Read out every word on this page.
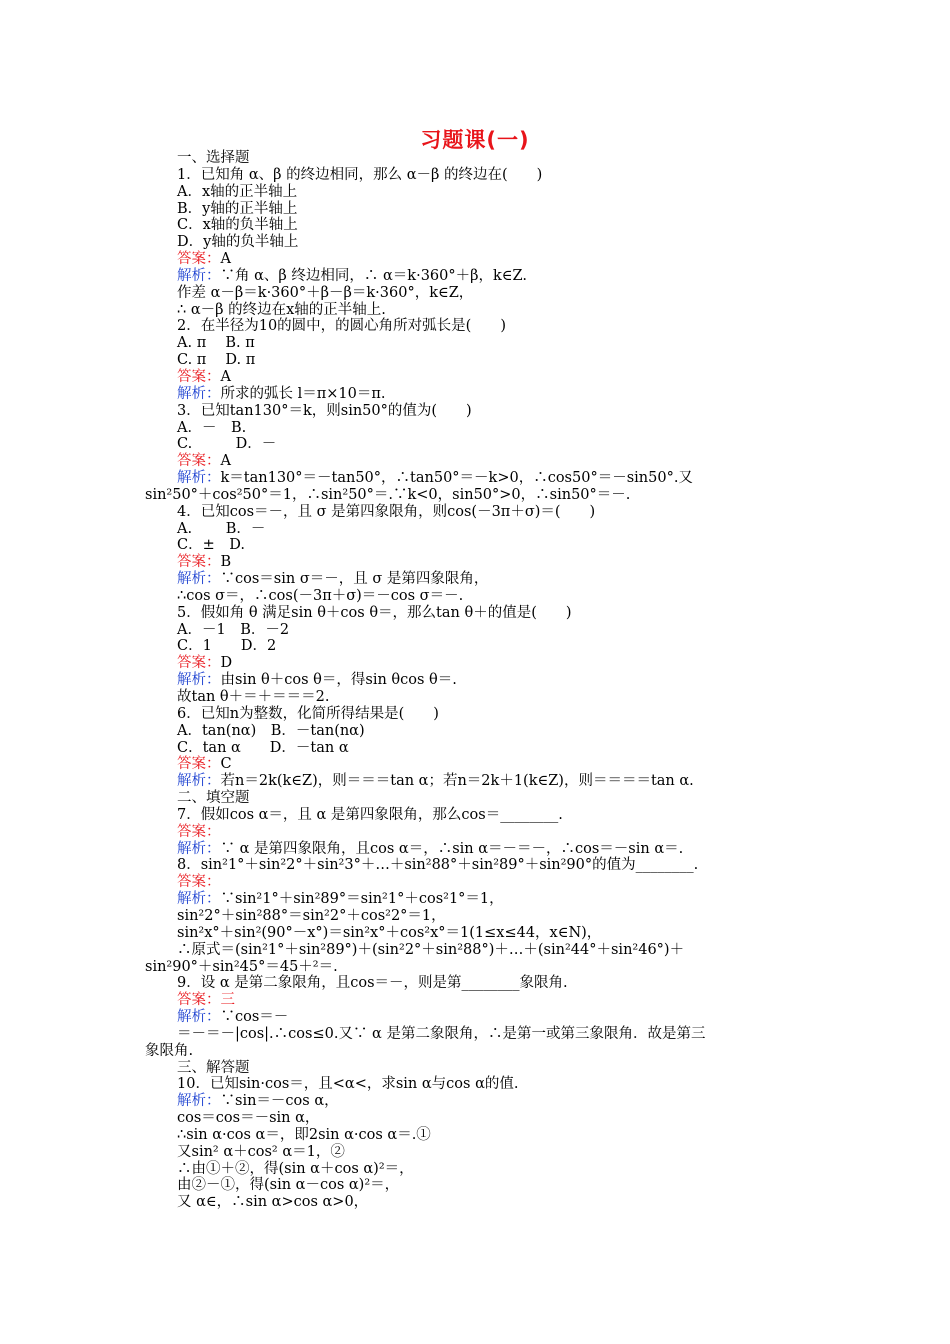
习题课(一)
一、选择题
1．已知角 α、β 的终边相同，那么 α－β 的终边在(　　)
A．x轴的正半轴上
B．y轴的正半轴上
C．x轴的负半轴上
D．y轴的负半轴上
答案：A
解析：∵角 α、β 终边相同，∴ α＝k·360°＋β，k∈Z.
作差 α－β＝k·360°＋β－β＝k·360°，k∈Z，
∴ α－β 的终边在x轴的正半轴上.
2．在半径为10的圆中，的圆心角所对弧长是(　　)
A. π　 B. π
C. π　 D. π
答案：A
解析：所求的弧长 l＝π×10＝π.
3．已知tan130°＝k，则sin50°的值为(　　)
A．－　B.
C.　　　D．－
答案：A
解析：k＝tan130°＝－tan50°，∴tan50°＝－k>0，∴cos50°＝－sin50°.又
sin²50°＋cos²50°＝1，∴sin²50°＝.∵k<0，sin50°>0，∴sin50°＝－.
4．已知cos＝－，且 σ 是第四象限角，则cos(－3π＋σ)＝(　　)
A.　　 B．－
C．±　D.
答案：B
解析：∵cos＝sin σ＝－，且 σ 是第四象限角，
∴cos σ＝，∴cos(－3π＋σ)＝－cos σ＝－.
5．假如角 θ 满足sin θ＋cos θ＝，那么tan θ＋的值是(　　)
A．－1　B．－2
C．1　　D．2
答案：D
解析：由sin θ＋cos θ＝，得sin θcos θ＝.
故tan θ＋＝＋＝＝＝2.
6．已知n为整数，化简所得结果是(　　)
A．tan(nα)　B．－tan(nα)
C．tan α　　D．－tan α
答案：C
解析：若n＝2k(k∈Z)，则＝＝＝tan α；若n＝2k＋1(k∈Z)，则＝＝＝＝tan α.
二、填空题
7．假如cos α＝，且 α 是第四象限角，那么cos＝________.
答案：
解析：∵ α 是第四象限角，且cos α＝，∴sin α＝－＝－，∴cos＝－sin α＝.
8．sin²1°＋sin²2°＋sin²3°＋…＋sin²88°＋sin²89°＋sin²90°的值为________.
答案：
解析：∵sin²1°＋sin²89°＝sin²1°＋cos²1°＝1，
sin²2°＋sin²88°＝sin²2°＋cos²2°＝1，
sin²x°＋sin²(90°－x°)＝sin²x°＋cos²x°＝1(1≤x≤44，x∈N)，
∴原式＝(sin²1°＋sin²89°)＋(sin²2°＋sin²88°)＋…＋(sin²44°＋sin²46°)＋
sin²90°＋sin²45°＝45＋²＝.
9．设 α 是第二象限角，且cos＝－，则是第________象限角.
答案：三
解析：∵cos＝－
＝－＝－|cos|.∴cos≤0.又∵ α 是第二象限角，∴是第一或第三象限角．故是第三
象限角.
三、解答题
10．已知sin·cos＝，且<α<，求sin α与cos α的值.
解析：∵sin＝－cos α，
cos＝cos＝－sin α，
∴sin α·cos α＝，即2sin α·cos α＝.①
又sin² α＋cos² α＝1，②
∴由①＋②，得(sin α＋cos α)²＝，
由②－①，得(sin α－cos α)²＝，
又 α∈，∴sin α>cos α>0，
